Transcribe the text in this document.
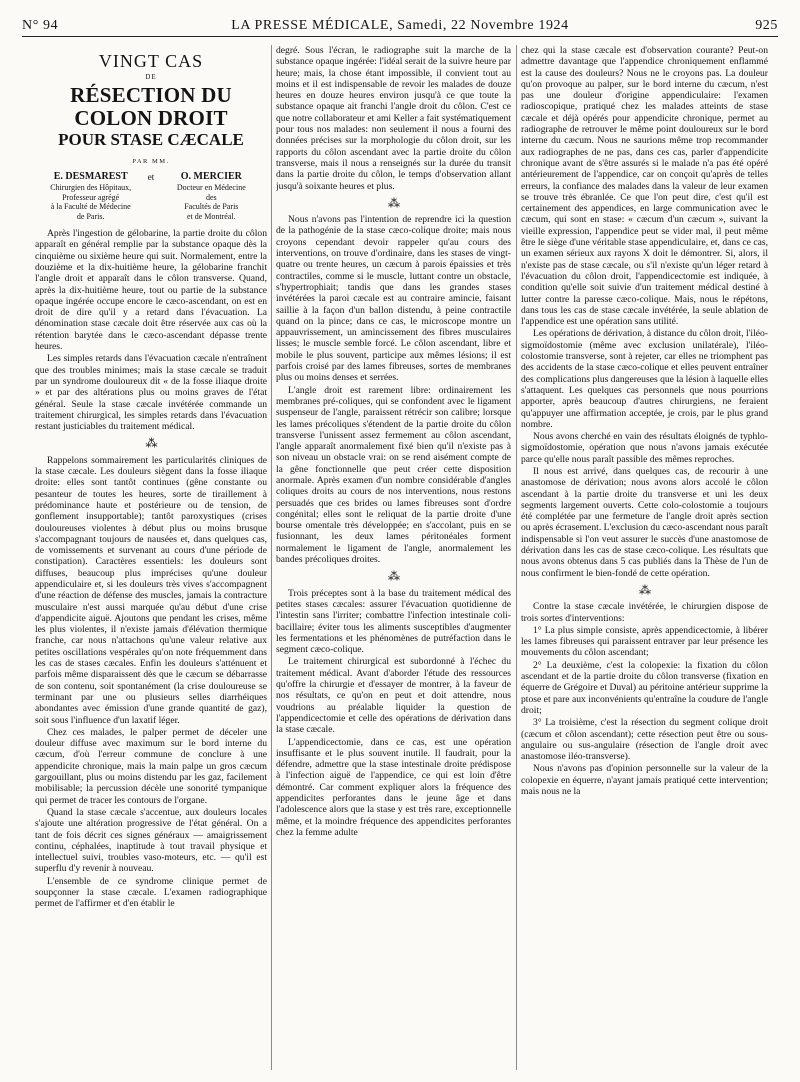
N° 94	LA PRESSE MÉDICALE, Samedi, 22 Novembre 1924	925
VINGT CAS
DE
RÉSECTION DU COLON DROIT
POUR STASE CÆCALE
PAR MM.
E. DESMAREST
Chirurgien des Hôpitaux,
Professeur agrégé
à la Faculté de Médecine
de Paris.
et	O. MERCIER
Docteur en Médecine
des
Facultés de Paris
et de Montréal.

Après l'ingestion de gélobarine, la partie droite du côlon apparaît en général remplie par la substance opaque dès la cinquième ou sixième heure qui suit. Normalement, entre la douzième et la dix-huitième heure, la gélobarine franchit l'angle droit et apparaît dans le côlon transverse. Quand, après la dix-huitième heure, tout ou partie de la substance opaque ingérée occupe encore le cæco-ascendant, on est en droit de dire qu'il y a retard dans l'évacuation. La dénomination stase cæcale doit être réservée aux cas où la rétention barytée dans le cæco-ascendant dépasse trente heures.

Les simples retards dans l'évacuation cæcale n'entraînent que des troubles minimes; mais la stase cæcale se traduit par un syndrome douloureux dit « de la fosse iliaque droite » et par des altérations plus ou moins graves de l'état général. Seule la stase cæcale invétérée commande un traitement chirurgical, les simples retards dans l'évacuation restant justiciables du traitement médical.

⁂

Rappelons sommairement les particularités cliniques de la stase cæcale. Les douleurs siègent dans la fosse iliaque droite: elles sont tantôt continues (gêne constante ou pesanteur de toutes les heures, sorte de tiraillement à prédominance haute et postérieure ou de tension, de gonflement insupportable); tantôt paroxystiques (crises douloureuses violentes à début plus ou moins brusque s'accompagnant toujours de nausées et, dans quelques cas, de vomissements et survenant au cours d'une période de constipation). Caractères essentiels: les douleurs sont diffuses, beaucoup plus imprécises qu'une douleur appendiculaire et, si les douleurs très vives s'accompagnent d'une réaction de défense des muscles, jamais la contracture musculaire n'est aussi marquée qu'au début d'une crise d'appendicite aiguë. Ajoutons que pendant les crises, même les plus violentes, il n'existe jamais d'élévation thermique franche, car nous n'attachons qu'une valeur relative aux petites oscillations vespérales qu'on note fréquemment dans les cas de stases cæcales. Enfin les douleurs s'atténuent et parfois même disparaissent dès que le cæcum se débarrasse de son contenu, soit spontanément (la crise douloureuse se terminant par une ou plusieurs selles diarrhéiques abondantes avec émission d'une grande quantité de gaz), soit sous l'influence d'un laxatif léger.

Chez ces malades, le palper permet de déceler une douleur diffuse avec maximum sur le bord interne du cæcum, d'où l'erreur commune de conclure à une appendicite chronique, mais la main palpe un gros cæcum gargouillant, plus ou moins distendu par les gaz, facilement mobilisable; la percussion décèle une sonorité tympanique qui permet de tracer les contours de l'organe.

Quand la stase cæcale s'accentue, aux douleurs locales s'ajoute une altération progressive de l'état général. On a tant de fois décrit ces signes généraux — amaigrissement continu, céphalées, inaptitude à tout travail physique et intellectuel suivi, troubles vaso-moteurs, etc. — qu'il est superflu d'y revenir à nouveau.

L'ensemble de ce syndrome clinique permet de soupçonner la stase cæcale. L'examen radiographique permet de l'affirmer et d'en établir le

degré. Sous l'écran, le radiographe suit la marche de la substance opaque ingérée: l'idéal serait de la suivre heure par heure; mais, la chose étant impossible, il convient tout au moins et il est indispensable de revoir les malades de douze heures en douze heures environ jusqu'à ce que toute la substance opaque ait franchi l'angle droit du côlon. C'est ce que notre collaborateur et ami Keller a fait systématiquement pour tous nos malades: non seulement il nous a fourni des données précises sur la morphologie du côlon droit, sur les rapports du côlon ascendant avec la partie droite du côlon transverse, mais il nous a renseignés sur la durée du transit dans la partie droite du côlon, le temps d'observation allant jusqu'à soixante heures et plus.

⁂

Nous n'avons pas l'intention de reprendre ici la question de la pathogénie de la stase cæco-colique droite; mais nous croyons cependant devoir rappeler qu'au cours des interventions, on trouve d'ordinaire, dans les stases de vingt-quatre ou trente heures, un cæcum à parois épaissies et très contractiles, comme si le muscle, luttant contre un obstacle, s'hypertrophiait; tandis que dans les grandes stases invétérées la paroi cæcale est au contraire amincie, faisant saillie à la façon d'un ballon distendu, à peine contractile quand on la pince; dans ce cas, le microscope montre un appauvrissement, un amincissement des fibres musculaires lisses; le muscle semble forcé. Le côlon ascendant, libre et mobile le plus souvent, participe aux mêmes lésions; il est parfois croisé par des lames fibreuses, sortes de membranes plus ou moins denses et serrées.

L'angle droit est rarement libre: ordinairement les membranes pré-coliques, qui se confondent avec le ligament suspenseur de l'angle, paraissent rétrécir son calibre; lorsque les lames précoliques s'étendent de la partie droite du côlon transverse l'unissent assez fermement au côlon ascendant, l'angle apparaît anormalement fixé bien qu'il n'existe pas à son niveau un obstacle vrai: on se rend aisément compte de la gêne fonctionnelle que peut créer cette disposition anormale. Après examen d'un nombre considérable d'angles coliques droits au cours de nos interventions, nous restons persuadés que ces brides ou lames fibreuses sont d'ordre congénital; elles sont le reliquat de la partie droite d'une bourse omentale très développée; en s'accolant, puis en se fusionnant, les deux lames péritonéales forment normalement le ligament de l'angle, anormalement les bandes précoliques droites.

⁂

Trois préceptes sont à la base du traitement médical des petites stases cæcales: assurer l'évacuation quotidienne de l'intestin sans l'irriter; combattre l'infection intestinale coli-bacillaire; éviter tous les aliments susceptibles d'augmenter les fermentations et les phénomènes de putréfaction dans le segment cæco-colique.

Le traitement chirurgical est subordonné à l'échec du traitement médical. Avant d'aborder l'étude des ressources qu'offre la chirurgie et d'essayer de montrer, à la faveur de nos résultats, ce qu'on en peut et doit attendre, nous voudrions au préalable liquider la question de l'appendicectomie et celle des opérations de dérivation dans la stase cæcale.

L'appendicectomie, dans ce cas, est une opération insuffisante et le plus souvent inutile. Il faudrait, pour la défendre, admettre que la stase intestinale droite prédispose à l'infection aiguë de l'appendice, ce qui est loin d'être démontré. Car comment expliquer alors la fréquence des appendicites perforantes dans le jeune âge et dans l'adolescence alors que la stase y est très rare, exceptionnelle même, et la moindre fréquence des appendicites perforantes chez la femme adulte

chez qui la stase cæcale est d'observation courante? Peut-on admettre davantage que l'appendice chroniquement enflammé est la cause des douleurs? Nous ne le croyons pas. La douleur qu'on provoque au palper, sur le bord interne du cæcum, n'est pas une douleur d'origine appendiculaire: l'examen radioscopique, pratiqué chez les malades atteints de stase cæcale et déjà opérés pour appendicite chronique, permet au radiographe de retrouver le même point douloureux sur le bord interne du cæcum. Nous ne saurions même trop recommander aux radiographes de ne pas, dans ces cas, parler d'appendicite chronique avant de s'être assurés si le malade n'a pas été opéré antérieurement de l'appendice, car on conçoit qu'après de telles erreurs, la confiance des malades dans la valeur de leur examen se trouve très ébranlée. Ce que l'on peut dire, c'est qu'il est certainement des appendices, en large communication avec le cæcum, qui sont en stase: « cæcum d'un cæcum », suivant la vieille expression, l'appendice peut se vider mal, il peut même être le siège d'une véritable stase appendiculaire, et, dans ce cas, un examen sérieux aux rayons X doit le démontrer. Si, alors, il n'existe pas de stase cæcale, ou s'il n'existe qu'un léger retard à l'évacuation du côlon droit, l'appendicectomie est indiquée, à condition qu'elle soit suivie d'un traitement médical destiné à lutter contre la paresse cæco-colique. Mais, nous le répétons, dans tous les cas de stase cæcale invétérée, la seule ablation de l'appendice est une opération sans utilité.

Les opérations de dérivation, à distance du côlon droit, l'iléo-sigmoïdostomie (même avec exclusion unilatérale), l'iléo-colostomie transverse, sont à rejeter, car elles ne triomphent pas des accidents de la stase cæco-colique et elles peuvent entraîner des complications plus dangereuses que la lésion à laquelle elles s'attaquent. Les quelques cas personnels que nous pourrions apporter, après beaucoup d'autres chirurgiens, ne feraient qu'appuyer une affirmation acceptée, je crois, par le plus grand nombre.

Nous avons cherché en vain des résultats éloignés de typhlo-sigmoïdostomie, opération que nous n'avons jamais exécutée parce qu'elle nous paraît passible des mêmes reproches.

Il nous est arrivé, dans quelques cas, de recourir à une anastomose de dérivation; nous avons alors accolé le côlon ascendant à la partie droite du transverse et uni les deux segments largement ouverts. Cette colo-colostomie a toujours été complétée par une fermeture de l'angle droit après section ou après écrasement. L'exclusion du cæco-ascendant nous paraît indispensable si l'on veut assurer le succès d'une anastomose de dérivation dans les cas de stase cæco-colique. Les résultats que nous avons obtenus dans 5 cas publiés dans la Thèse de l'un de nous confirment le bien-fondé de cette opération.

⁂

Contre la stase cæcale invétérée, le chirurgien dispose de trois sortes d'interventions:

1° La plus simple consiste, après appendicectomie, à libérer les lames fibreuses qui paraissent entraver par leur présence les mouvements du côlon ascendant;

2° La deuxième, c'est la colopexie: la fixation du côlon ascendant et de la partie droite du côlon transverse (fixation en équerre de Grégoire et Duval) au péritoine antérieur supprime la ptose et pare aux inconvénients qu'entraîne la coudure de l'angle droit;

3° La troisième, c'est la résection du segment colique droit (cæcum et côlon ascendant); cette résection peut être ou sous-angulaire ou sus-angulaire (résection de l'angle droit avec anastomose iléo-transverse).

Nous n'avons pas d'opinion personnelle sur la valeur de la colopexie en équerre, n'ayant jamais pratiqué cette intervention; mais nous ne la
